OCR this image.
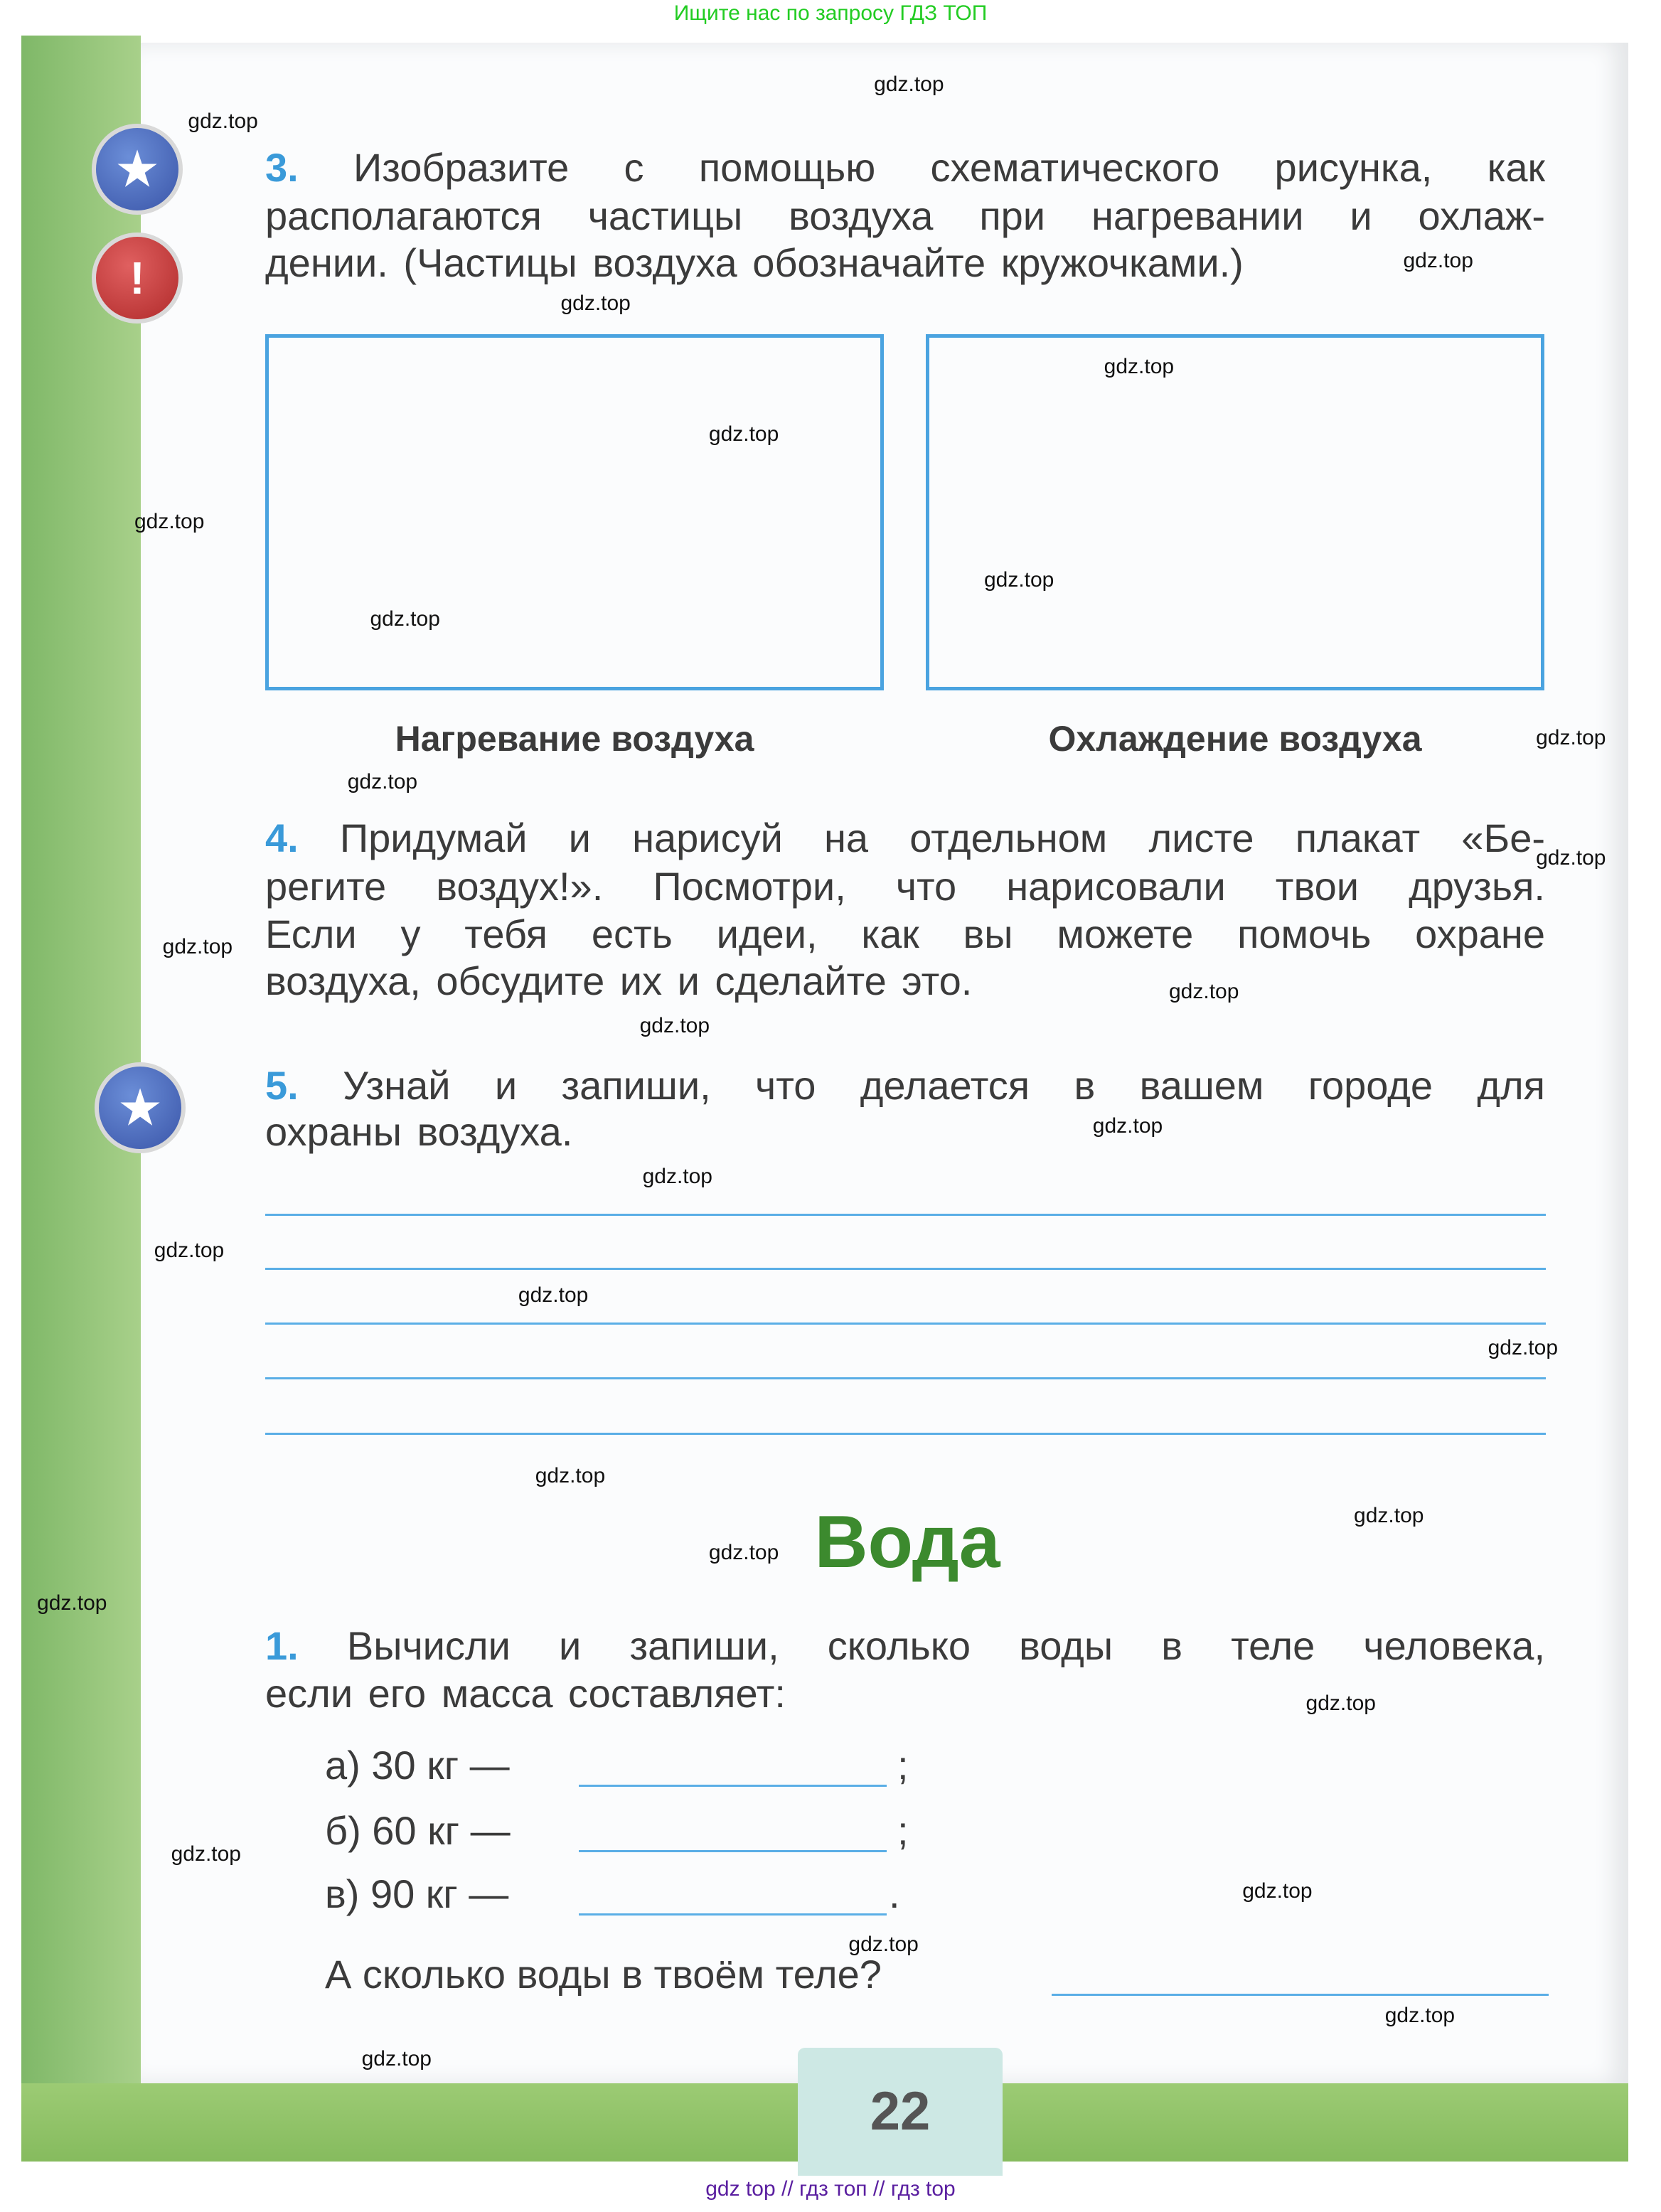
Ищите нас по запросу ГДЗ ТОП
22
gdz top // гдз топ // гдз top
★
!
★
3. Изобразите с помощью схематического рисунка, как
располагаются частицы воздуха при нагревании и охлаж-
дении. (Частицы воздуха обозначайте кружочками.)
Нагревание воздуха	Охлаждение воздуха
4. Придумай и нарисуй на отдельном листе плакат «Бе-
регите воздух!». Посмотри, что нарисовали твои друзья.
Если у тебя есть идеи, как вы можете помочь охране
воздуха, обсудите их и сделайте это.
5. Узнай и запиши, что делается в вашем городе для
охраны воздуха.
Вода
1. Вычисли и запиши, сколько воды в теле человека,
если его масса составляет:
а) 30 кг —	;
б) 60 кг —	;
в) 90 кг —	.
А сколько воды в твоём теле?
gdz.top
gdz.top
gdz.top
gdz.top
gdz.top
gdz.top
gdz.top
gdz.top
gdz.top
gdz.top
gdz.top
gdz.top
gdz.top
gdz.top
gdz.top
gdz.top
gdz.top
gdz.top
gdz.top
gdz.top
gdz.top
gdz.top
gdz.top
gdz.top
gdz.top
gdz.top
gdz.top
gdz.top
gdz.top
gdz.top
